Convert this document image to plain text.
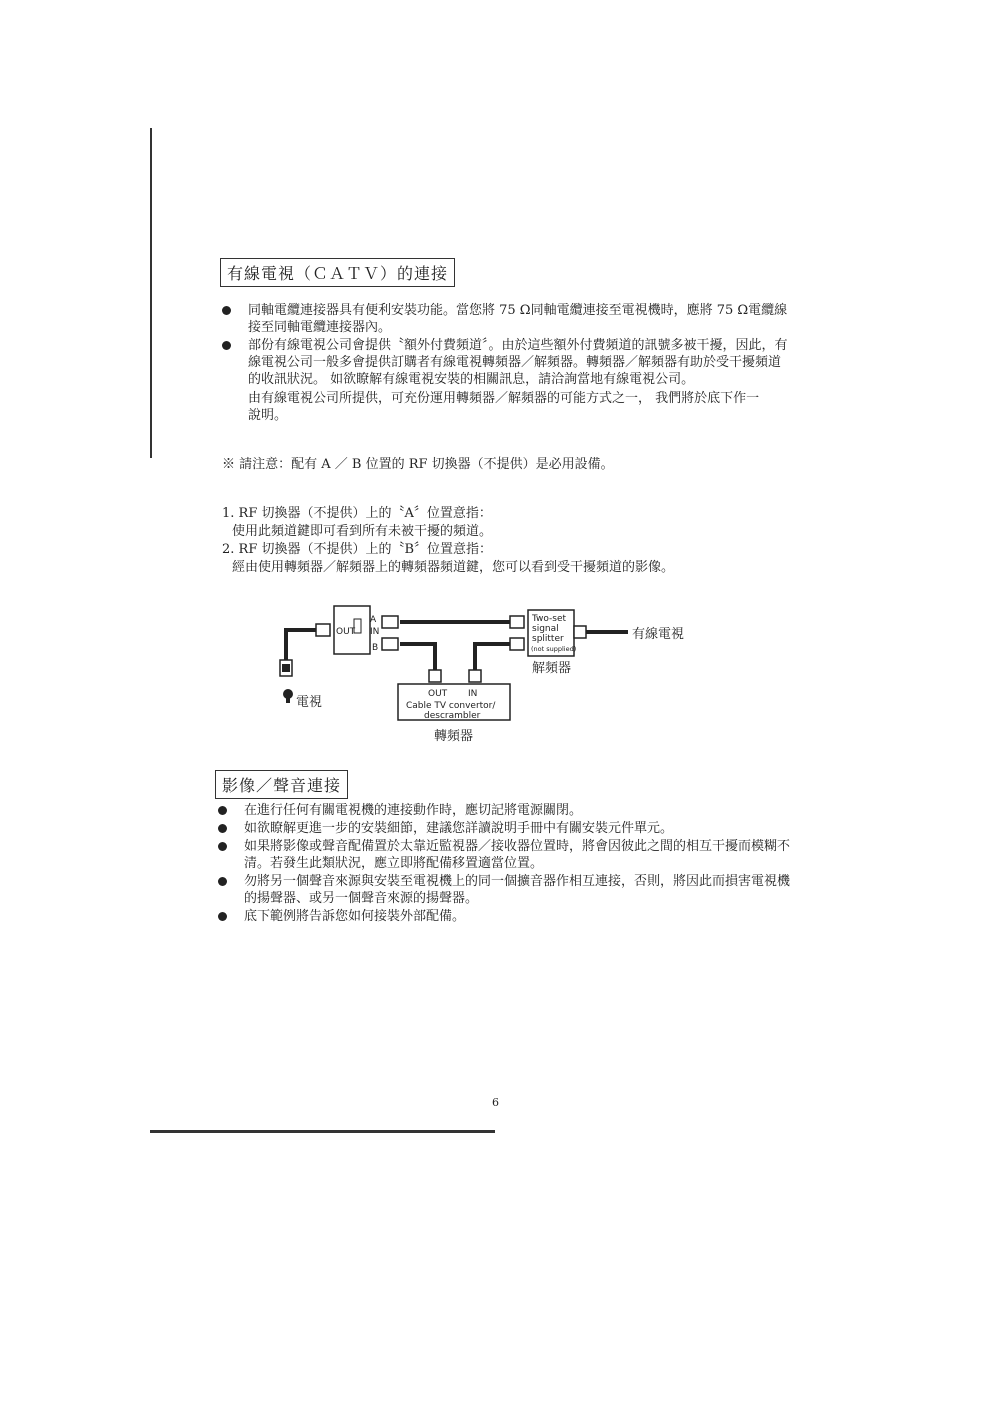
有線電視（ＣＡＴＶ）的連接
同軸電纜連接器具有便利安裝功能。當您將 75 Ω同軸電纜連接至電視機時，應將 75 Ω電纜線接至同軸電纜連接器內。
部份有線電視公司會提供〝額外付費頻道〞。由於這些額外付費頻道的訊號多被干擾，因此，有線電視公司一般多會提供訂購者有線電視轉頻器／解頻器。轉頻器／解頻器有助於受干擾頻道的收訊狀況。 如欲瞭解有線電視安裝的相關訊息，請洽詢當地有線電視公司。
由有線電視公司所提供，可充份運用轉頻器／解頻器的可能方式之一， 我們將於底下作一
說明。
※ 請注意：配有 A ／ B 位置的 RF 切換器（不提供）是必用設備。
1. RF 切換器（不提供）上的〝A〞位置意指：
使用此頻道鍵即可看到所有未被干擾的頻道。
2. RF 切換器（不提供）上的〝B〞位置意指：
經由使用轉頻器／解頻器上的轉頻器頻道鍵，您可以看到受干擾頻道的影像。
OUT
A
IN
B
Two-set
signal
splitter
(not supplied)
有線電視
解頻器
OUT IN
Cable TV convertor/
descrambler
轉頻器
電視
影像／聲音連接
在進行任何有關電視機的連接動作時，應切記將電源關閉。
如欲瞭解更進一步的安裝細節，建議您詳讀說明手冊中有關安裝元件單元。
如果將影像或聲音配備置於太靠近監視器／接收器位置時，將會因彼此之間的相互干擾而模糊不清。若發生此類狀況，應立即將配備移置適當位置。
勿將另一個聲音來源與安裝至電視機上的同一個擴音器作相互連接，否則，將因此而損害電視機的揚聲器、或另一個聲音來源的揚聲器。
底下範例將告訴您如何接裝外部配備。
6
